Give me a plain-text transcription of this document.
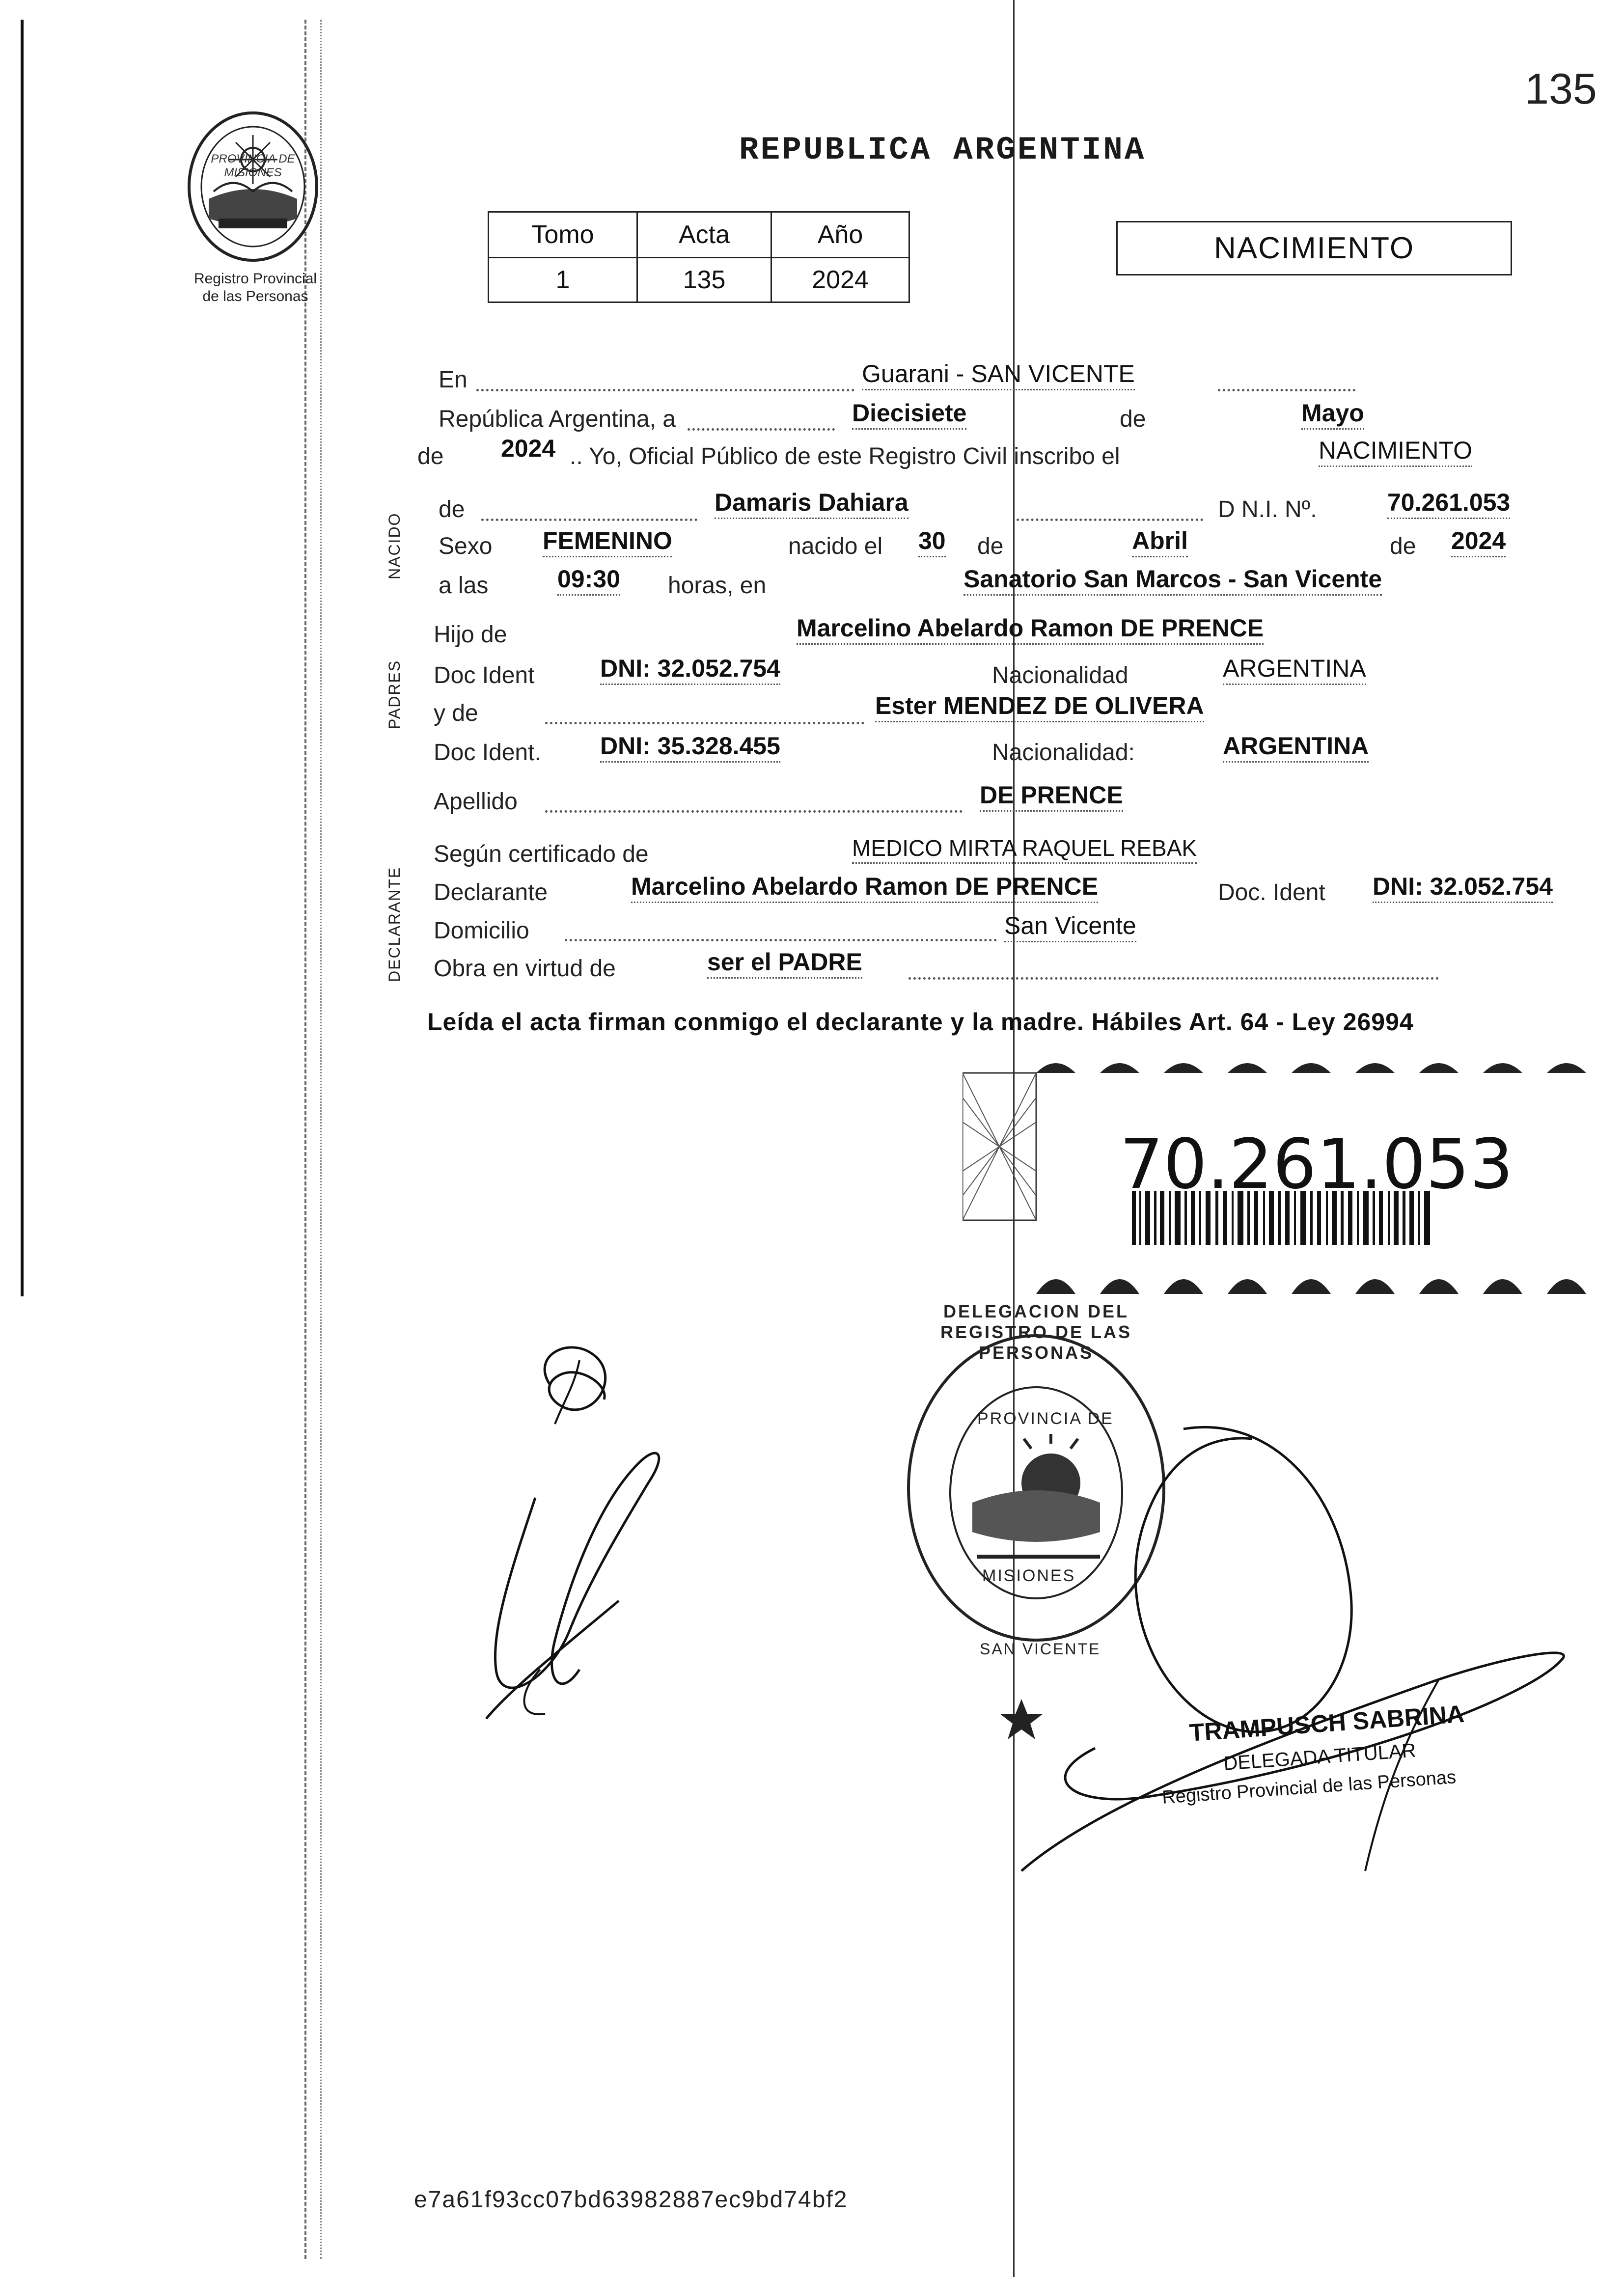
135
REPUBLICA ARGENTINA
PROVINCIA DE MISIONES
Registro Provincial
de las Personas
Tomo	Acta	Año
1	135	2024
NACIMIENTO
NACIDO
PADRES
DECLARANTE
En	Guarani - SAN VICENTE
República Argentina, a	Diecisiete	de	Mayo
de 2024 .. Yo, Oficial Público de este Registro Civil inscribo el	NACIMIENTO
de	Damaris Dahiara	D N.I. Nº.	70.261.053
Sexo FEMENINO	nacido el 30 de	Abril	de 2024
a las	09:30 horas, en	Sanatorio San Marcos - San Vicente
Hijo de	Marcelino Abelardo Ramon DE PRENCE
Doc Ident	DNI: 32.052.754	Nacionalidad	ARGENTINA
y de	Ester MENDEZ DE OLIVERA
Doc Ident. DNI: 35.328.455	Nacionalidad:	ARGENTINA
Apellido	DE PRENCE
Según certificado de	MEDICO MIRTA RAQUEL REBAK
Declarante	Marcelino Abelardo Ramon DE PRENCE	Doc. Ident DNI: 32.052.754
Domicilio	San Vicente
Obra en virtud de	ser el PADRE
Leída el acta firman conmigo el declarante y la madre. Hábiles Art. 64 - Ley 26994
70.261.053
DELEGACION DEL REGISTRO DE LAS PERSONAS
PROVINCIA DE
MISIONES
SAN VICENTE
TRAMPUSCH SABRINA
DELEGADA TITULAR
Registro Provincial de las Personas
e7a61f93cc07bd63982887ec9bd74bf2
